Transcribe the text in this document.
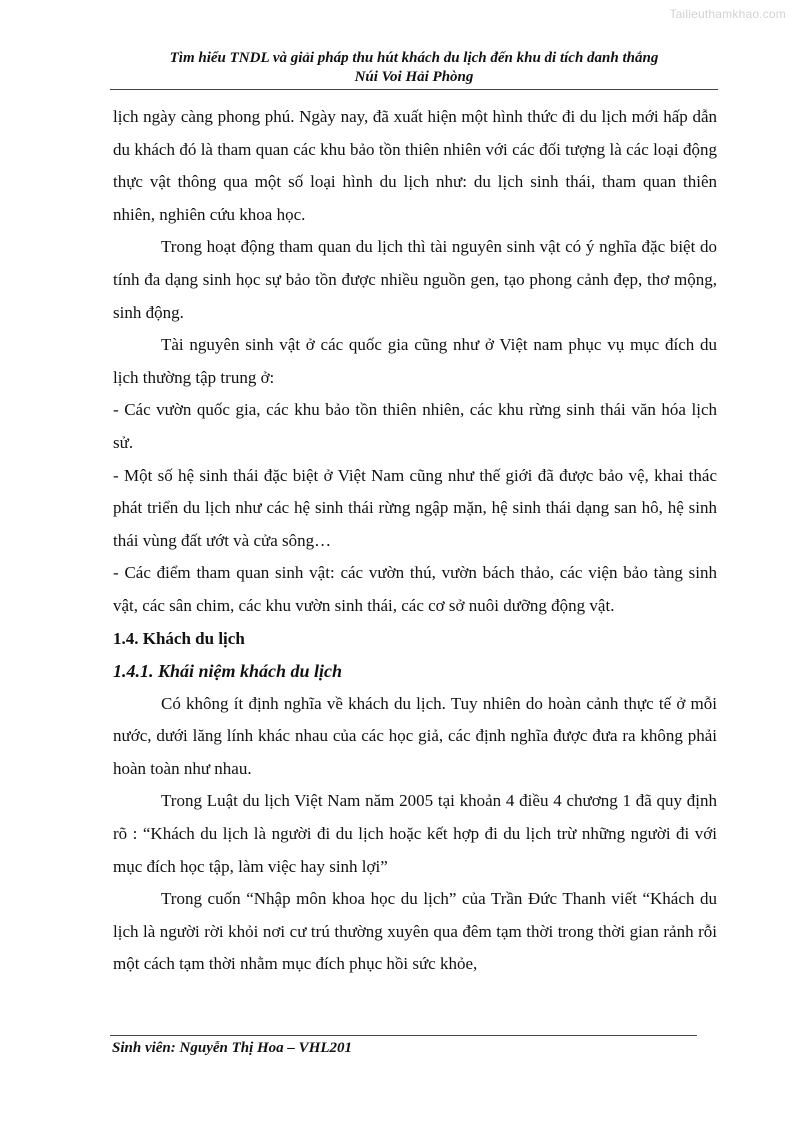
Tailieuthamkhao.com
Tìm hiểu TNDL và giải pháp thu hút khách du lịch đến khu di tích danh thắng
Núi Voi Hải Phòng

lịch ngày càng phong phú. Ngày nay, đã xuất hiện một hình thức đi du lịch mới hấp dẫn du khách đó là tham quan các khu bảo tồn thiên nhiên với các đối tượng là các loại động thực vật thông qua một số loại hình du lịch như: du lịch sinh thái, tham quan thiên nhiên, nghiên cứu khoa học.

Trong hoạt động tham quan du lịch thì tài nguyên sinh vật có ý nghĩa đặc biệt do tính đa dạng sinh học sự bảo tồn được nhiều nguồn gen, tạo phong cảnh đẹp, thơ mộng, sinh động.

Tài nguyên sinh vật ở các quốc gia cũng như ở Việt nam phục vụ mục đích du lịch thường tập trung ở:

- Các vườn quốc gia, các khu bảo tồn thiên nhiên, các khu rừng sinh thái văn hóa lịch sử.

- Một số hệ sinh thái đặc biệt ở Việt Nam cũng như thế giới đã được bảo vệ, khai thác phát triển du lịch như các hệ sinh thái rừng ngập mặn, hệ sinh thái dạng san hô, hệ sinh thái vùng đất ướt và cửa sông…

- Các điểm tham quan sinh vật: các vườn thú, vườn bách thảo, các viện bảo tàng sinh vật, các sân chim, các khu vườn sinh thái, các cơ sở nuôi dưỡng động vật.

1.4. Khách du lịch
1.4.1. Khái niệm khách du lịch

Có không ít định nghĩa về khách du lịch. Tuy nhiên do hoàn cảnh thực tế ở mỗi nước, dưới lăng lính khác nhau của các học giả, các định nghĩa được đưa ra không phải hoàn toàn như nhau.

Trong Luật du lịch Việt Nam năm 2005 tại khoản 4 điều 4 chương 1 đã quy định rõ : “Khách du lịch là người đi du lịch hoặc kết hợp đi du lịch trừ những người đi với mục đích học tập, làm việc hay sinh lợi”

Trong cuốn “Nhập môn khoa học du lịch” của Trần Đức Thanh viết “Khách du lịch là người rời khỏi nơi cư trú thường xuyên qua đêm tạm thời trong thời gian rảnh rỗi một cách tạm thời nhằm mục đích phục hồi sức khỏe,

Sinh viên: Nguyễn Thị Hoa – VHL201
